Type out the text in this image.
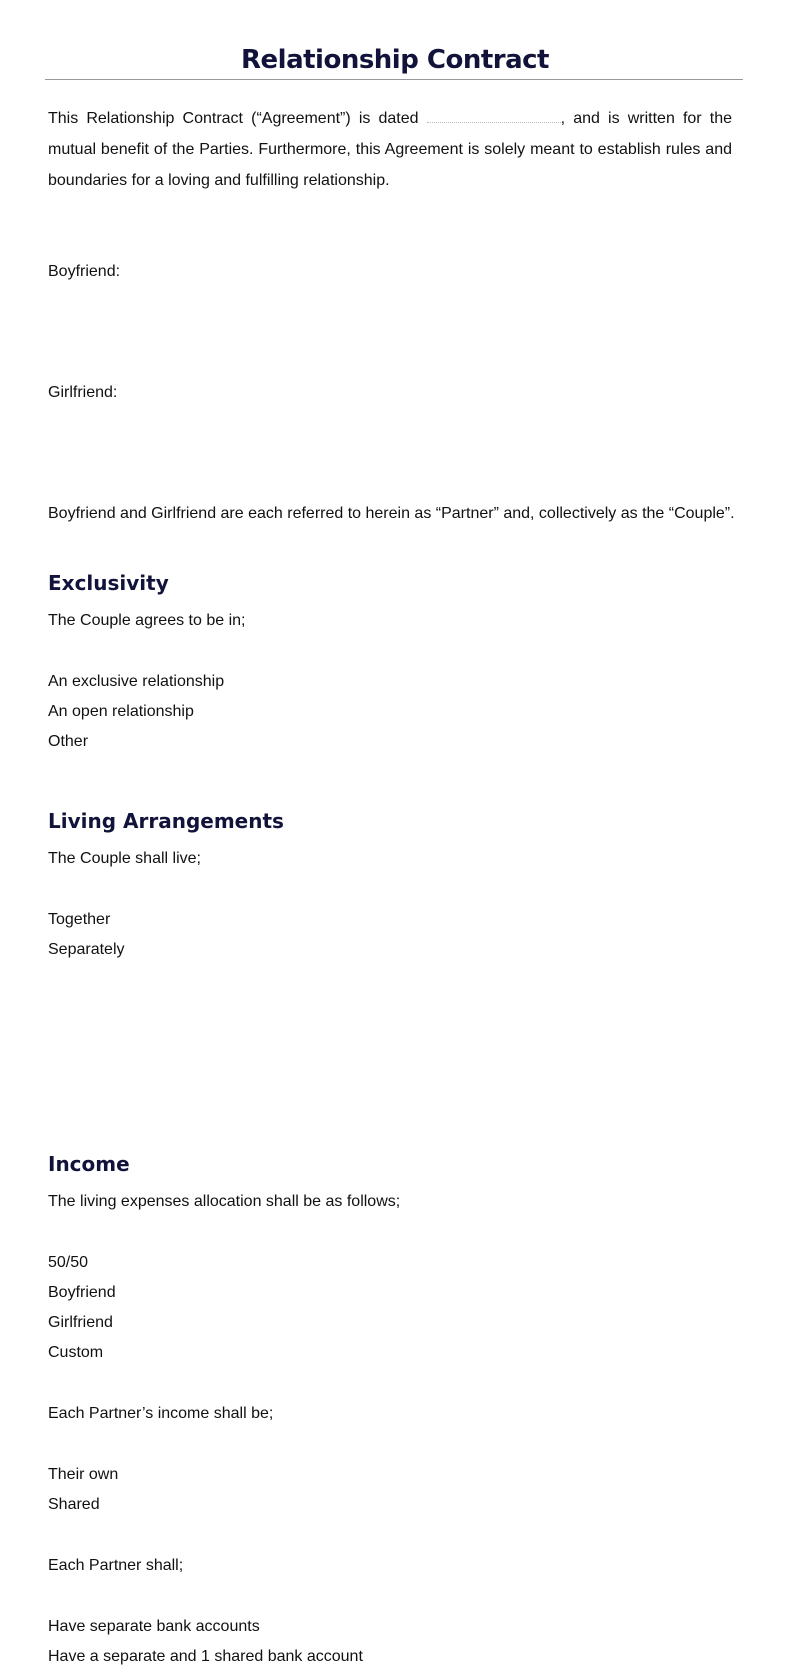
Relationship Contract

This Relationship Contract (“Agreement”) is dated	, and is written for the mutual benefit of the Parties. Furthermore, this Agreement is solely meant to establish rules and boundaries for a loving and fulfilling relationship.

Boyfriend:
Girlfriend:
Boyfriend and Girlfriend are each referred to herein as “Partner” and, collectively as the “Couple”.
Exclusivity
The Couple agrees to be in;
An exclusive relationship
An open relationship
Other
Living Arrangements
The Couple shall live;
Together
Separately
Income
The living expenses allocation shall be as follows;
50/50
Boyfriend
Girlfriend
Custom
Each Partner’s income shall be;
Their own
Shared
Each Partner shall;
Have separate bank accounts
Have a separate and 1 shared bank account
